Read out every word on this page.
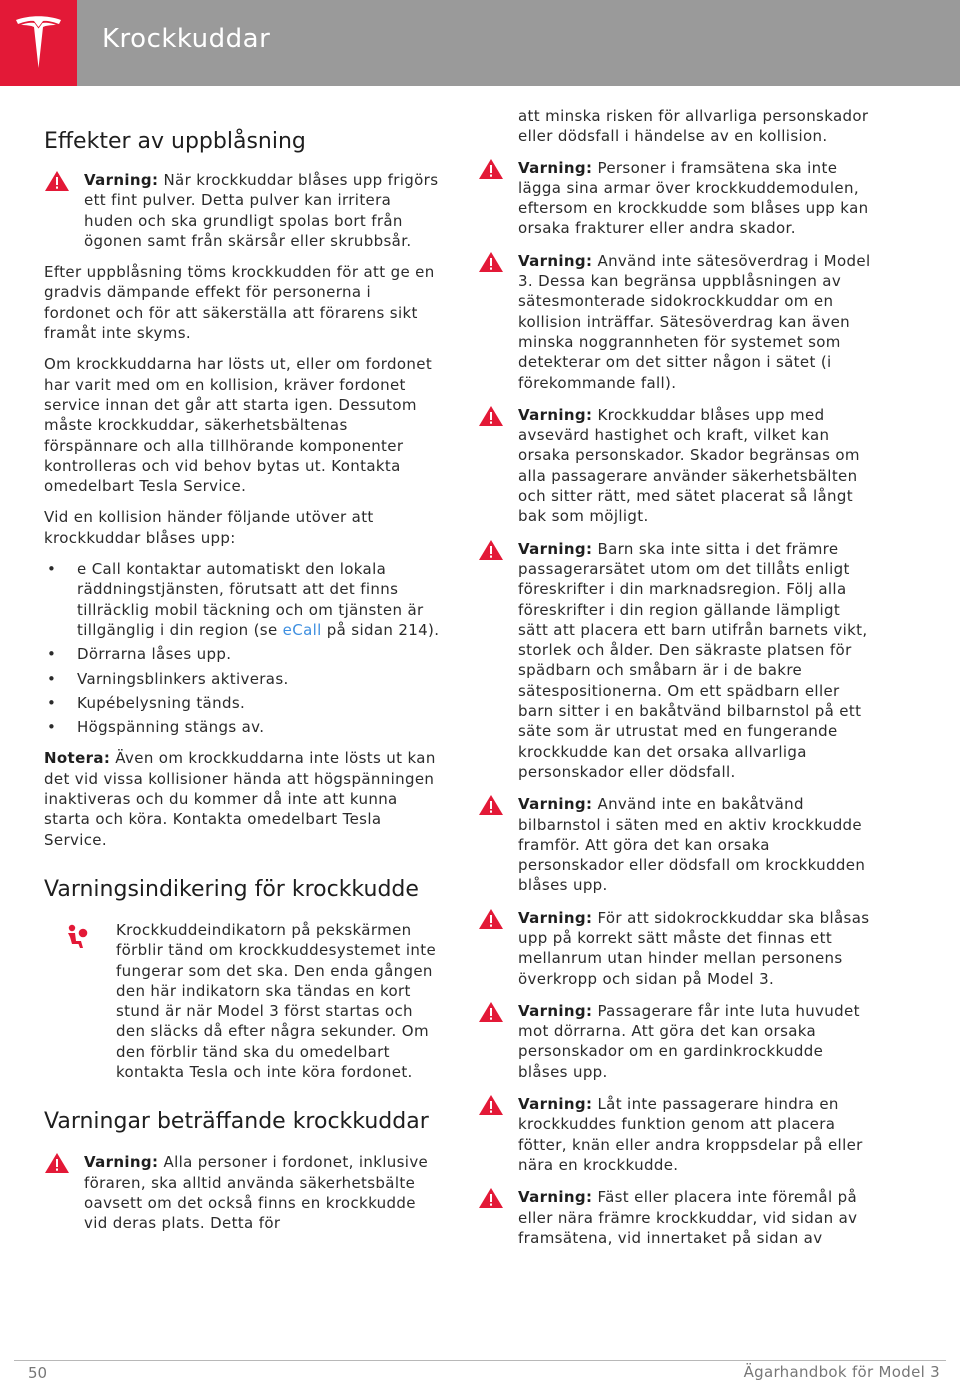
Krockkuddar
Effekter av uppblåsning
Varning: När krockkuddar blåses upp frigörs ett fint pulver. Detta pulver kan irritera huden och ska grundligt spolas bort från ögonen samt från skärsår eller skrubbsår.

Efter uppblåsning töms krockkudden för att ge en gradvis dämpande effekt för personerna i fordonet och för att säkerställa att förarens sikt framåt inte skyms.

Om krockkuddarna har lösts ut, eller om fordonet har varit med om en kollision, kräver fordonet service innan det går att starta igen. Dessutom måste krockkuddar, säkerhetsbältenas förspännare och alla tillhörande komponenter kontrolleras och vid behov bytas ut. Kontakta omedelbart Tesla Service.

Vid en kollision händer följande utöver att krockkuddar blåses upp:

• e Call kontaktar automatiskt den lokala räddningstjänsten, förutsatt att det finns tillräcklig mobil täckning och om tjänsten är tillgänglig i din region (se eCall på sidan 214).
• Dörrarna låses upp.
• Varningsblinkers aktiveras.
• Kupébelysning tänds.
• Högspänning stängs av.

Notera: Även om krockkuddarna inte lösts ut kan det vid vissa kollisioner hända att högspänningen inaktiveras och du kommer då inte att kunna starta och köra. Kontakta omedelbart Tesla Service.

Varningsindikering för krockkudde
Krockkuddeindikatorn på pekskärmen förblir tänd om krockkuddesystemet inte fungerar som det ska. Den enda gången den här indikatorn ska tändas en kort stund är när Model 3 först startas och den släcks då efter några sekunder. Om den förblir tänd ska du omedelbart kontakta Tesla och inte köra fordonet.
Varningar beträffande krockkuddar
Varning: Alla personer i fordonet, inklusive föraren, ska alltid använda säkerhetsbälte oavsett om det också finns en krockkudde vid deras plats. Detta för
att minska risken för allvarliga personskador eller dödsfall i händelse av en kollision.
Varning: Personer i framsätena ska inte lägga sina armar över krockkuddemodulen, eftersom en krockkudde som blåses upp kan orsaka frakturer eller andra skador.
Varning: Använd inte sätesöverdrag i Model 3. Dessa kan begränsa uppblåsningen av sätesmonterade sidokrockkuddar om en kollision inträffar. Sätesöverdrag kan även minska noggrannheten för systemet som detekterar om det sitter någon i sätet (i förekommande fall).
Varning: Krockkuddar blåses upp med avsevärd hastighet och kraft, vilket kan orsaka personskador. Skador begränsas om alla passagerare använder säkerhetsbälten och sitter rätt, med sätet placerat så långt bak som möjligt.
Varning: Barn ska inte sitta i det främre passagerarsätet utom om det tillåts enligt föreskrifter i din marknadsregion. Följ alla föreskrifter i din region gällande lämpligt sätt att placera ett barn utifrån barnets vikt, storlek och ålder. Den säkraste platsen för spädbarn och småbarn är i de bakre sätespositionerna. Om ett spädbarn eller barn sitter i en bakåtvänd bilbarnstol på ett säte som är utrustat med en fungerande krockkudde kan det orsaka allvarliga personskador eller dödsfall.
Varning: Använd inte en bakåtvänd bilbarnstol i säten med en aktiv krockkudde framför. Att göra det kan orsaka personskador eller dödsfall om krockkudden blåses upp.
Varning: För att sidokrockkuddar ska blåsas upp på korrekt sätt måste det finnas ett mellanrum utan hinder mellan personens överkropp och sidan på Model 3.
Varning: Passagerare får inte luta huvudet mot dörrarna. Att göra det kan orsaka personskador om en gardinkrockkudde blåses upp.
Varning: Låt inte passagerare hindra en krockkuddes funktion genom att placera fötter, knän eller andra kroppsdelar på eller nära en krockkudde.
Varning: Fäst eller placera inte föremål på eller nära främre krockkuddar, vid sidan av framsätena, vid innertaket på sidan av
50	Ägarhandbok för Model 3
